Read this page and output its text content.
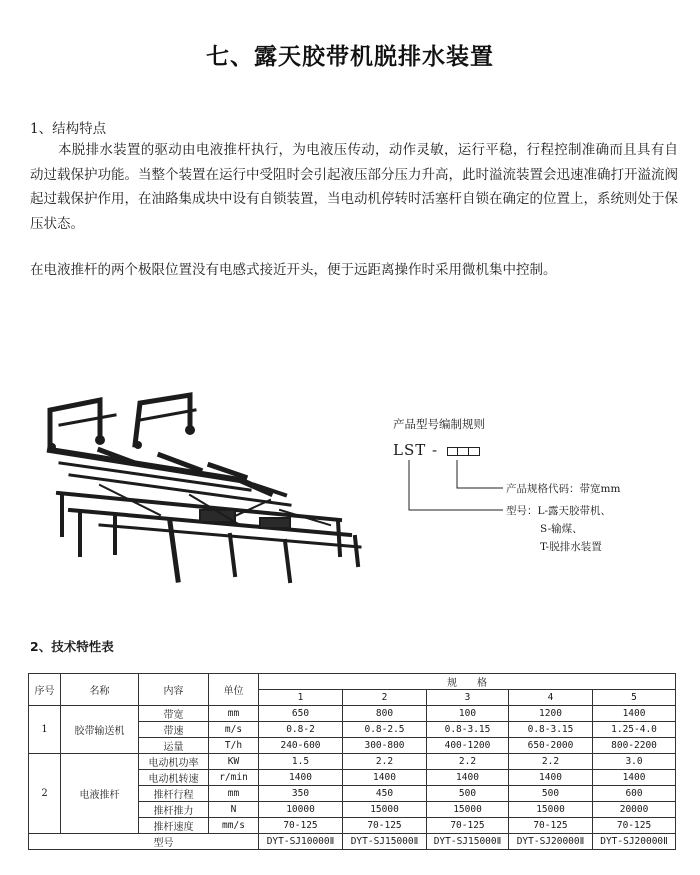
七、露天胶带机脱排水装置
1、结构特点
本脱排水装置的驱动由电液推杆执行，为电液压传动，动作灵敏，运行平稳，行程控制准确而且具有自动过载保护功能。当整个装置在运行中受阻时会引起液压部分压力升高，此时溢流装置会迅速准确打开溢流阀起过载保护作用，在油路集成块中设有自锁装置，当电动机停转时活塞杆自锁在确定的位置上，系统则处于保压状态。
在电液推杆的两个极限位置没有电感式接近开头，便于远距离操作时采用微机集中控制。
产品型号编制规则
LST -
产品规格代码：带宽mm
型号：L-露天胶带机、
S-输煤、
T-脱排水装置
2、技术特性表
序号	名称	内容	单位	规　　格				
				1	2	3	4	5
1	胶带输送机	带宽	mm	650	800	100	1200	1400
		带速	m/s	0.8-2	0.8-2.5	0.8-3.15	0.8-3.15	1.25-4.0
		运量	T/h	240-600	300-800	400-1200	650-2000	800-2200
2	电液推杆	电动机功率	KW	1.5	2.2	2.2	2.2	3.0
		电动机转速	r/min	1400	1400	1400	1400	1400
		推杆行程	mm	350	450	500	500	600
		推杆推力	N	10000	15000	15000	15000	20000
		推杆速度	mm/s	70-125	70-125	70-125	70-125	70-125
型号				DYT-SJ10000Ⅱ	DYT-SJ15000Ⅱ	DYT-SJ15000Ⅱ	DYT-SJ20000Ⅱ	DYT-SJ20000Ⅱ
